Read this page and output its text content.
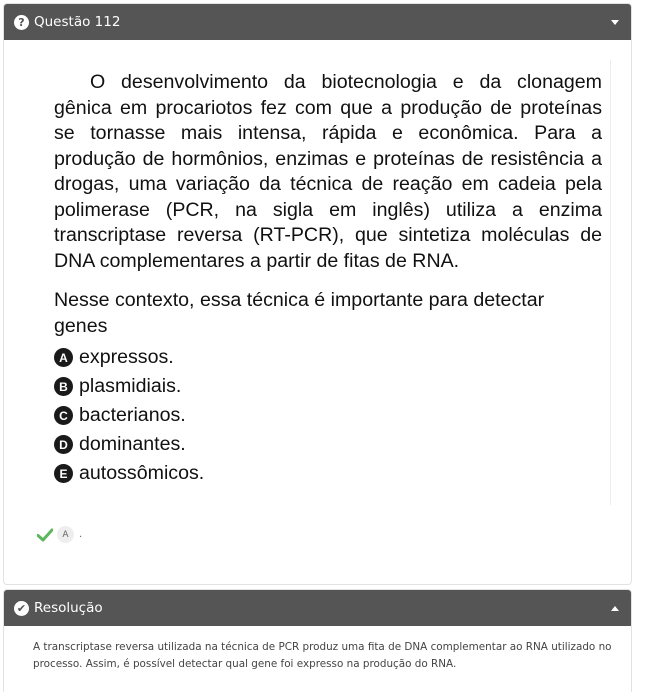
? Questão 112

O desenvolvimento da biotecnologia e da clonagem gênica em procariotos fez com que a produção de proteínas se tornasse mais intensa, rápida e econômica. Para a produção de hormônios, enzimas e proteínas de resistência a drogas, uma variação da técnica de reação em cadeia pela polimerase (PCR, na sigla em inglês) utiliza a enzima transcriptase reversa (RT-PCR), que sintetiza moléculas de DNA complementares a partir de fitas de RNA.

Nesse contexto, essa técnica é importante para detectar genes

A expressos.
B plasmidiais.
C bacterianos.
D dominantes.
E autossômicos.
A	.
✔ Resolução

A transcriptase reversa utilizada na técnica de PCR produz uma fita de DNA complementar ao RNA utilizado no processo. Assim, é possível detectar qual gene foi expresso na produção do RNA.
